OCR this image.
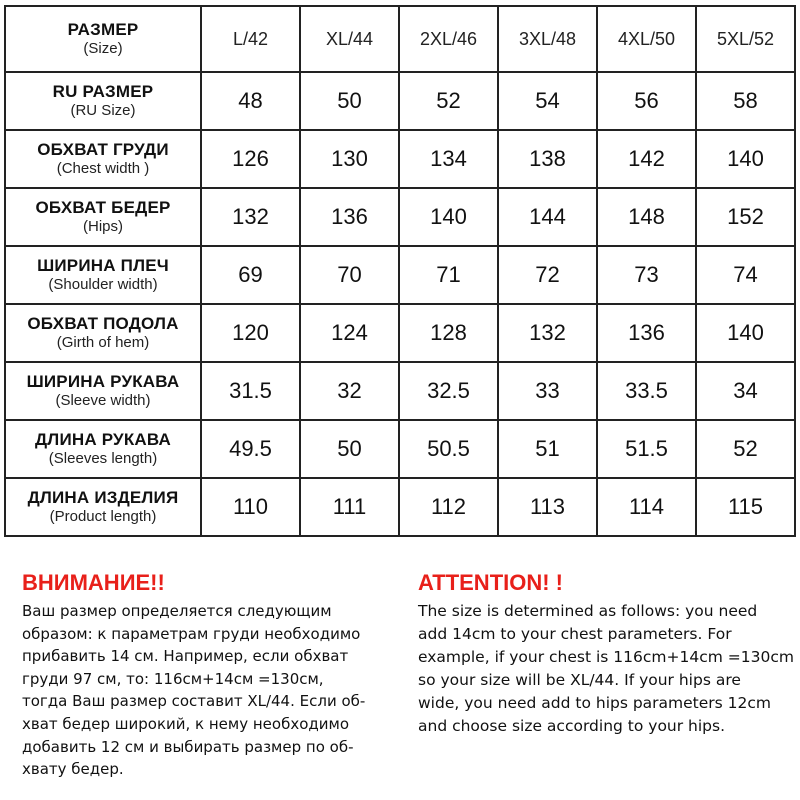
РАЗМЕР
(Size)	L/42	XL/44	2XL/46	3XL/48	4XL/50	5XL/52

RU РАЗМЕР
(RU Size)	48	50	52	54	56	58

ОБХВАТ ГРУДИ
(Chest width )	126	130	134	138	142	140

ОБХВАТ БЕДЕР
(Hips)	132	136	140	144	148	152

ШИРИНА ПЛЕЧ
(Shoulder width)	69	70	71	72	73	74

ОБХВАТ ПОДОЛА
(Girth of hem)	120	124	128	132	136	140

ШИРИНА РУКАВА
(Sleeve width)	31.5	32	32.5	33	33.5	34

ДЛИНА РУКАВА
(Sleeves length)	49.5	50	50.5	51	51.5	52

ДЛИНА ИЗДЕЛИЯ
(Product length)	110	111	112	113	114	115
ВНИМАНИЕ!!
Ваш размер определяется следующим
образом: к параметрам груди необходимо
прибавить 14 см. Например, если обхват
груди 97 см, то: 116см+14см =130см,
тогда Ваш размер составит XL/44. Если об-
хват бедер широкий, к нему необходимо
добавить 12 см и выбирать размер по об-
хвату бедер.
ATTENTION! !
The size is determined as follows: you need
add 14cm to your chest parameters. For
example, if your chest is 116cm+14cm =130cm
so your size will be XL/44. If your hips are
wide, you need add to hips parameters 12cm
and choose size according to your hips.
